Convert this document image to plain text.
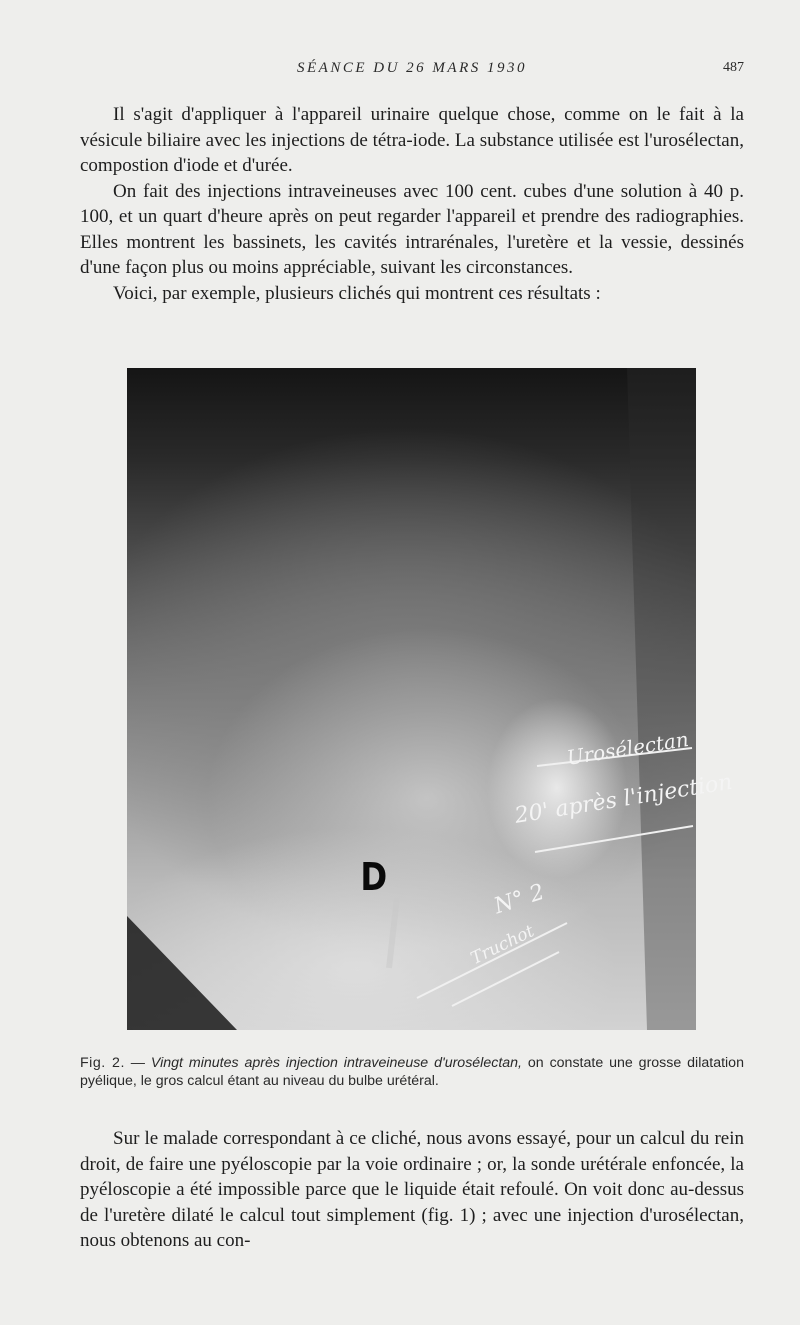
SÉANCE DU 26 MARS 1930	487

Il s'agit d'appliquer à l'appareil urinaire quelque chose, comme on le fait à la vésicule biliaire avec les injections de tétra-iode. La substance utilisée est l'urosélectan, compostion d'iode et d'urée.

On fait des injections intraveineuses avec 100 cent. cubes d'une solution à 40 p. 100, et un quart d'heure après on peut regarder l'appareil et prendre des radiographies. Elles montrent les bassinets, les cavités intrarénales, l'uretère et la vessie, dessinés d'une façon plus ou moins appréciable, suivant les circonstances.

Voici, par exemple, plusieurs clichés qui montrent ces résultats :

Urosélectan
20' après l'injection
N° 2
Truchot
D
Fig. 2. — Vingt minutes après injection intraveineuse d'urosélectan, on constate une grosse dilatation pyélique, le gros calcul étant au niveau du bulbe urétéral.

Sur le malade correspondant à ce cliché, nous avons essayé, pour un calcul du rein droit, de faire une pyéloscopie par la voie ordinaire ; or, la sonde urétérale enfoncée, la pyéloscopie a été impossible parce que le liquide était refoulé. On voit donc au-dessus de l'uretère dilaté le calcul tout simplement (fig. 1) ; avec une injection d'urosélectan, nous obtenons au con-
